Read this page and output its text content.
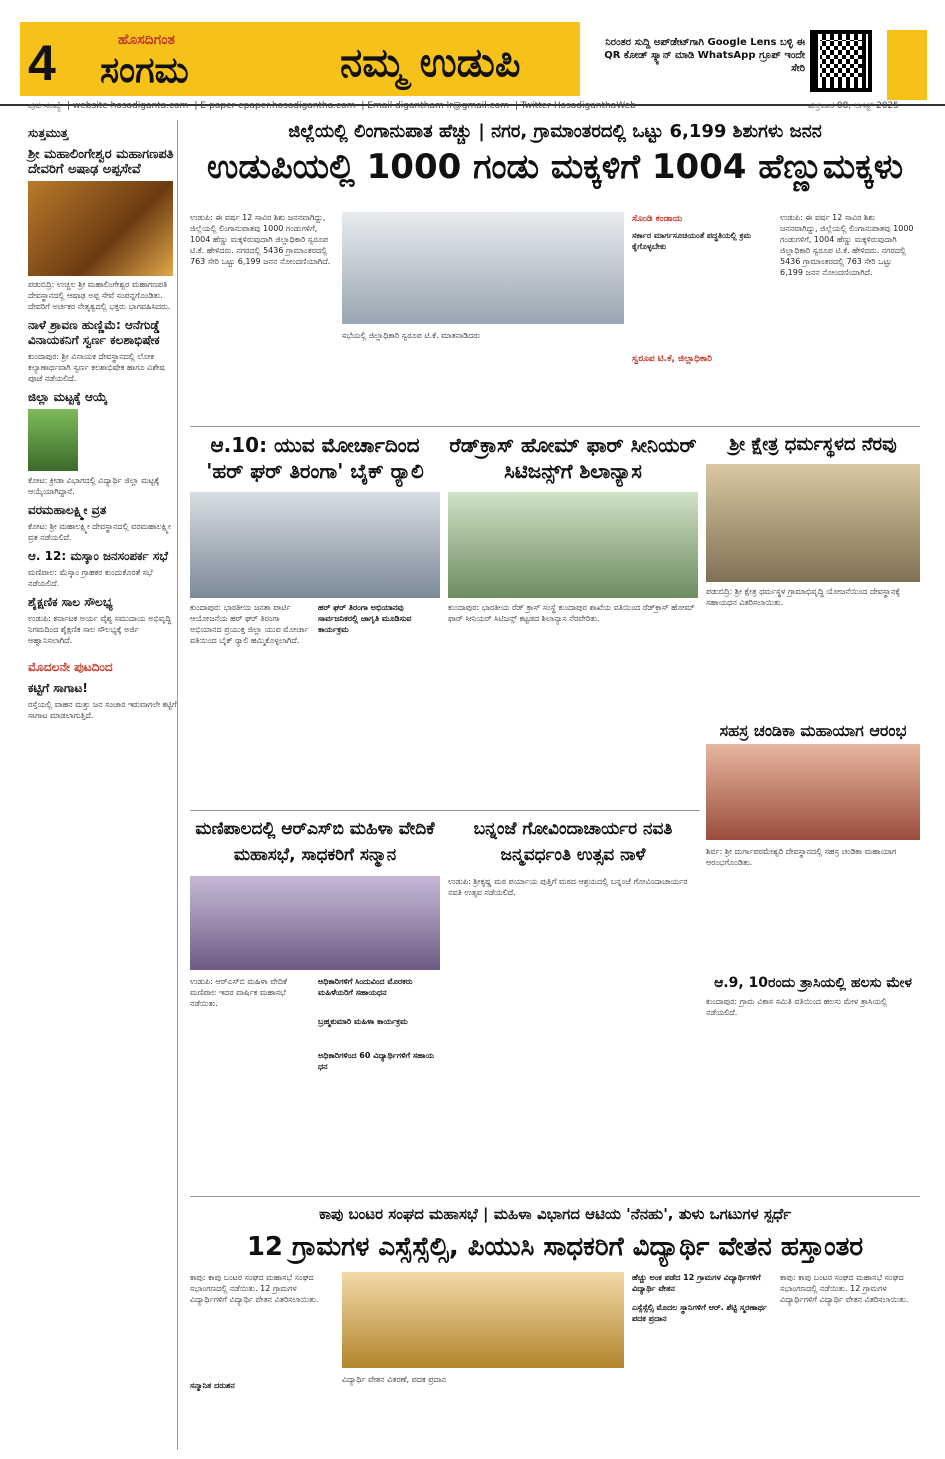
4	ಹೊಸದಿಗಂತ
ಸಂಗಮ	ನಮ್ಮ ಉಡುಪಿ	ನಿರಂತರ ಸುದ್ದಿ ಅಪ್‌ಡೇಟ್‌ಗಾಗಿ Google Lens ಬಳ್ಳಿ ಈ QR ಕೋಡ್ ಸ್ಕ್ಯಾನ್ ಮಾಡಿ WhatsApp ಗ್ರೂಪ್ ಇಂದೇ ಸೇರಿ
ಪುಟ ಸಂಖ್ಯೆ | website hosadiganta.com | E-paper epaper.hosadigantha.com | Email digantham lr@gmail.com | Twitter HosadiganthaWeb	ಶುಕ್ರವಾರ 08, ಆಗಸ್ಟ್ 2025
ಸುತ್ತಮುತ್ತ
ಶ್ರೀ ಮಹಾಲಿಂಗೇಶ್ವರ ಮಹಾಗಣಪತಿ ದೇವರಿಗೆ ಅಷಾಢ ಅಪ್ಪಸೇವೆ
ಪಡುಬಿದ್ರಿ: ಉಚ್ಚಿಲ ಶ್ರೀ ಮಹಾಲಿಂಗೇಶ್ವರ ಮಹಾಗಣಪತಿ ದೇವಸ್ಥಾನದಲ್ಲಿ ಆಷಾಢ ಅಪ್ಪ ಸೇವೆ ಸಂಪನ್ನಗೊಂಡಿತು. ದೇವರಿಗೆ ಅರ್ಚಕರ ನೇತೃತ್ವದಲ್ಲಿ ಭಕ್ತರು ಭಾಗವಹಿಸಿದರು.
ನಾಳೆ ಶ್ರಾವಣ ಹುಣ್ಣಿಮೆ: ಆನೆಗುಡ್ಡೆ ವಿನಾಯಕನಿಗೆ ಸ್ವರ್ಣ ಕಲಶಾಭಿಷೇಕ
ಕುಂದಾಪುರ: ಶ್ರೀ ವಿನಾಯಕ ದೇವಸ್ಥಾನದಲ್ಲಿ ಲೋಕ ಕಲ್ಯಾಣಾರ್ಥವಾಗಿ ಸ್ವರ್ಣ ಕಲಶಾಭಿಷೇಕ ಹಾಗೂ ವಿಶೇಷ ಪೂಜೆ ನಡೆಯಲಿದೆ.
ಜಿಲ್ಲಾ ಮಟ್ಟಕ್ಕೆ ಆಯ್ಕೆ
ಕೋಟ: ಕ್ರೀಡಾ ವಿಭಾಗದಲ್ಲಿ ವಿದ್ಯಾರ್ಥಿ ಜಿಲ್ಲಾ ಮಟ್ಟಕ್ಕೆ ಆಯ್ಕೆಯಾಗಿದ್ದಾನೆ.
ವರಮಹಾಲಕ್ಷ್ಮೀ ವ್ರತ
ಕೋಟ: ಶ್ರೀ ಮಹಾಲಕ್ಷ್ಮೀ ದೇವಸ್ಥಾನದಲ್ಲಿ ವರಮಹಾಲಕ್ಷ್ಮೀ ವ್ರತ ನಡೆಯಲಿದೆ.
ಆ. 12: ಮಸ್ಕಾಂ ಜನಸಂಪರ್ಕ ಸಭೆ
ಮಣಿಪಾಲ: ಮೆಸ್ಕಾಂ ಗ್ರಾಹಕರ ಕುಂದುಕೊರತೆ ಸಭೆ ನಡೆಯಲಿದೆ.
ಶೈಕ್ಷಣಿಕ ಸಾಲ ಸೌಲಭ್ಯ
ಉಡುಪಿ: ಕರ್ನಾಟಕ ಅರ್ಯ ವೈಶ್ಯ ಸಮುದಾಯ ಅಭಿವೃದ್ಧಿ ನಿಗಮದಿಂದ ಶೈಕ್ಷಣಿಕ ಸಾಲ ಸೌಲಭ್ಯಕ್ಕೆ ಅರ್ಜಿ ಆಹ್ವಾನಿಸಲಾಗಿದೆ.
ಮೊದಲನೇ ಪುಟದಿಂದ
ಕಟ್ಟಿಗೆ ಸಾಗಾಟ!
ರಸ್ತೆಯಲ್ಲಿ ವಾಹನ ಮತ್ತು ಜನ ಸಂಚಾರ ಇರುವಾಗಲೇ ಕಟ್ಟಿಗೆ ಸಾಗಾಟ ಮಾಡಲಾಗುತ್ತಿದೆ.
ಜಿಲ್ಲೆಯಲ್ಲಿ ಲಿಂಗಾನುಪಾತ ಹೆಚ್ಚು | ನಗರ, ಗ್ರಾಮಾಂತರದಲ್ಲಿ ಒಟ್ಟು 6,199 ಶಿಶುಗಳು ಜನನ
ಉಡುಪಿಯಲ್ಲಿ 1000 ಗಂಡು ಮಕ್ಕಳಿಗೆ 1004 ಹೆಣ್ಣುಮಕ್ಕಳು
ಉಡುಪಿ: ಈ ವರ್ಷ 12 ಸಾವಿರ ಶಿಶು ಜನನವಾಗಿದ್ದು, ಜಿಲ್ಲೆಯಲ್ಲಿ ಲಿಂಗಾನುಪಾತವು 1000 ಗಂಡುಗಳಿಗೆ, 1004 ಹೆಣ್ಣು ಮಕ್ಕಳಿರುವುದಾಗಿ ಜಿಲ್ಲಾಧಿಕಾರಿ ಸ್ವರೂಪ ಟಿ.ಕೆ. ಹೇಳಿದರು. ನಗರದಲ್ಲಿ 5436 ಗ್ರಾಮಾಂತರದಲ್ಲಿ 763 ಸೇರಿ ಒಟ್ಟು 6,199 ಜನನ ನೋಂದಣಿಯಾಗಿದೆ.
ಸಭೆಯಲ್ಲಿ ಜಿಲ್ಲಾಧಿಕಾರಿ ಸ್ವರೂಪ ಟಿ.ಕೆ. ಮಾತನಾಡಿದರು
ಸೊಂಡಿ ಕಂಡಾಯ
ಸರ್ಕಾರ ಮಾರ್ಗಸೂಚಿಯಂತೆ ಪದ್ಧತಿಯಲ್ಲಿ ಕ್ರಮ ಕೈಗೊಳ್ಳಬೇಕು
ಸ್ವರೂಪ ಟಿ.ಕೆ, ಜಿಲ್ಲಾಧಿಕಾರಿ
ಉಡುಪಿ: ಈ ವರ್ಷ 12 ಸಾವಿರ ಶಿಶು ಜನನವಾಗಿದ್ದು, ಜಿಲ್ಲೆಯಲ್ಲಿ ಲಿಂಗಾನುಪಾತವು 1000 ಗಂಡುಗಳಿಗೆ, 1004 ಹೆಣ್ಣು ಮಕ್ಕಳಿರುವುದಾಗಿ ಜಿಲ್ಲಾಧಿಕಾರಿ ಸ್ವರೂಪ ಟಿ.ಕೆ. ಹೇಳಿದರು. ನಗರದಲ್ಲಿ 5436 ಗ್ರಾಮಾಂತರದಲ್ಲಿ 763 ಸೇರಿ ಒಟ್ಟು 6,199 ಜನನ ನೋಂದಣಿಯಾಗಿದೆ.
ಆ.10: ಯುವ ಮೋರ್ಚಾದಿಂದ 'ಹರ್ ಘರ್ ತಿರಂಗಾ' ಬೈಕ್ ರ್‍ಯಾಲಿ
ಕುಂದಾಪುರ: ಭಾರತೀಯ ಜನತಾ ಪಾರ್ಟಿ ಆಯೋಜನೆಯ ಹರ್ ಘರ್ ತಿರಂಗಾ ಅಭಿಯಾನದ ಪ್ರಯುಕ್ತ ಜಿಲ್ಲಾ ಯುವ ಮೋರ್ಚಾ ವತಿಯಿಂದ ಬೈಕ್ ರ್‍ಯಾಲಿ ಹಮ್ಮಿಕೊಳ್ಳಲಾಗಿದೆ.
ಹರ್ ಘರ್ ತಿರಂಗಾ ಅಭಿಯಾನವು ಸಾರ್ವಜನಿಕರಲ್ಲಿ ಜಾಗೃತಿ ಮೂಡಿಸುವ ಕಾರ್ಯಕ್ರಮ
ರೆಡ್‌ಕ್ರಾಸ್ ಹೋಮ್ ಫಾರ್ ಸೀನಿಯರ್ ಸಿಟಿಜನ್ಸ್‌ಗೆ ಶಿಲಾನ್ಯಾಸ
ಕುಂದಾಪುರ: ಭಾರತೀಯ ರೆಡ್ ಕ್ರಾಸ್ ಸಂಸ್ಥೆ ಕುಂದಾಪುರ ಶಾಖೆಯ ವತಿಯಿಂದ ರೆಡ್‌ಕ್ರಾಸ್ ಹೋಮ್ ಫಾರ್ ಸೀನಿಯರ್ ಸಿಟಿಜನ್ಸ್ ಕಟ್ಟಡದ ಶಿಲಾನ್ಯಾಸ ನೆರವೇರಿತು.
ಶ್ರೀ ಕ್ಷೇತ್ರ ಧರ್ಮಸ್ಥಳದ ನೆರವು
ಪಡುಬಿದ್ರಿ: ಶ್ರೀ ಕ್ಷೇತ್ರ ಧರ್ಮಸ್ಥಳ ಗ್ರಾಮಾಭಿವೃದ್ಧಿ ಯೋಜನೆಯಿಂದ ದೇವಸ್ಥಾನಕ್ಕೆ ಸಹಾಯಧನ ವಿತರಿಸಲಾಯಿತು.
ಸಹಸ್ರ ಚಂಡಿಕಾ ಮಹಾಯಾಗ ಆರಂಭ
ಶಿರ್ವ: ಶ್ರೀ ದುರ್ಗಾಪರಮೇಶ್ವರಿ ದೇವಸ್ಥಾನದಲ್ಲಿ ಸಹಸ್ರ ಚಂಡಿಕಾ ಮಹಾಯಾಗ ಆರಂಭಗೊಂಡಿತು.
ಮಣಿಪಾಲದಲ್ಲಿ ಆರ್‌ಎಸ್‌ಬಿ ಮಹಿಳಾ ವೇದಿಕೆ ಮಹಾಸಭೆ, ಸಾಧಕರಿಗೆ ಸನ್ಮಾನ
ಉಡುಪಿ: ಆರ್‌ಎಸ್‌ಬಿ ಮಹಿಳಾ ವೇದಿಕೆ ಮಣಿಪಾಲ ಇದರ ವಾರ್ಷಿಕ ಮಹಾಸಭೆ ನಡೆಯಿತು.
ಅಧಿಕಾರಿಗಳಿಗೆ ಸಿಂದುವಿಂದ ಮೊರಕರು ಮಹಿಳೆಯರಿಗೆ ಸಹಾಯಧನ
ಬ್ರಹ್ಮಕುಮಾರಿ ಮಹಿಳಾ ಕಾರ್ಯಕ್ರಮ
ಅಧಿಕಾರಿಗಳಿಂದ 60 ವಿದ್ಯಾರ್ಥಿಗಳಿಗೆ ಸಹಾಯ ಧನ
ಬನ್ನಂಜೆ ಗೋವಿಂದಾಚಾರ್ಯರ ನವತಿ ಜನ್ಮವರ್ಧಂತಿ ಉತ್ಸವ ನಾಳೆ
ಉಡುಪಿ: ಶ್ರೀಕೃಷ್ಣ ಮಠ ಪರ್ಯಾಯ ಪುತ್ತಿಗೆ ಮಠದ ಆಶ್ರಯದಲ್ಲಿ ಬನ್ನಂಜೆ ಗೋವಿಂದಾಚಾರ್ಯರ ನವತಿ ಉತ್ಸವ ನಡೆಯಲಿದೆ.
ಆ.9, 10ರಂದು ತ್ರಾಸಿಯಲ್ಲಿ ಹಲಸು ಮೇಳ
ಕುಂದಾಪುರ: ಗ್ರಾಮ ವಿಕಾಸ ಸಮಿತಿ ವತಿಯಿಂದ ಹಲಸು ಮೇಳ ತ್ರಾಸಿಯಲ್ಲಿ ನಡೆಯಲಿದೆ.
ಕಾಪು ಬಂಟರ ಸಂಘದ ಮಹಾಸಭೆ | ಮಹಿಳಾ ವಿಭಾಗದ ಆಟಿಯ 'ನೆನಹು', ತುಳು ಒಗಟುಗಳ ಸ್ಪರ್ಧೆ
12 ಗ್ರಾಮಗಳ ಎಸ್ಸೆಸ್ಸೆಲ್ಸಿ, ಪಿಯುಸಿ ಸಾಧಕರಿಗೆ ವಿದ್ಯಾರ್ಥಿ ವೇತನ ಹಸ್ತಾಂತರ
ಕಾಪು: ಕಾಪು ಬಂಟರ ಸಂಘದ ಮಹಾಸಭೆ ಸಂಘದ ಸಭಾಂಗಣದಲ್ಲಿ ನಡೆಯಿತು. 12 ಗ್ರಾಮಗಳ ವಿದ್ಯಾರ್ಥಿಗಳಿಗೆ ವಿದ್ಯಾರ್ಥಿ ವೇತನ ವಿತರಿಸಲಾಯಿತು.
ಸನ್ಮಾನಿತ ದರುಶನ
ವಿದ್ಯಾರ್ಥಿ ವೇತನ ವಿತರಣೆ, ಪದಕ ಪ್ರದಾನ
ಹೆಚ್ಚು ಅಂಕ ಪಡೆದ 12 ಗ್ರಾಮಗಳ ವಿದ್ಯಾರ್ಥಿಗಳಿಗೆ ವಿದ್ಯಾರ್ಥಿ ವೇತನ
ಎಸ್ಸೆಸ್ಸೆಲ್ಸಿ ಮೊದಲ ಸ್ಥಾನಿಗಳಿಗೆ ಆರ್. ಶೆಟ್ಟಿ ಸ್ಮರಣಾರ್ಥ ಪದಕ ಪ್ರದಾನ
ಕಾಪು: ಕಾಪು ಬಂಟರ ಸಂಘದ ಮಹಾಸಭೆ ಸಂಘದ ಸಭಾಂಗಣದಲ್ಲಿ ನಡೆಯಿತು. 12 ಗ್ರಾಮಗಳ ವಿದ್ಯಾರ್ಥಿಗಳಿಗೆ ವಿದ್ಯಾರ್ಥಿ ವೇತನ ವಿತರಿಸಲಾಯಿತು.
